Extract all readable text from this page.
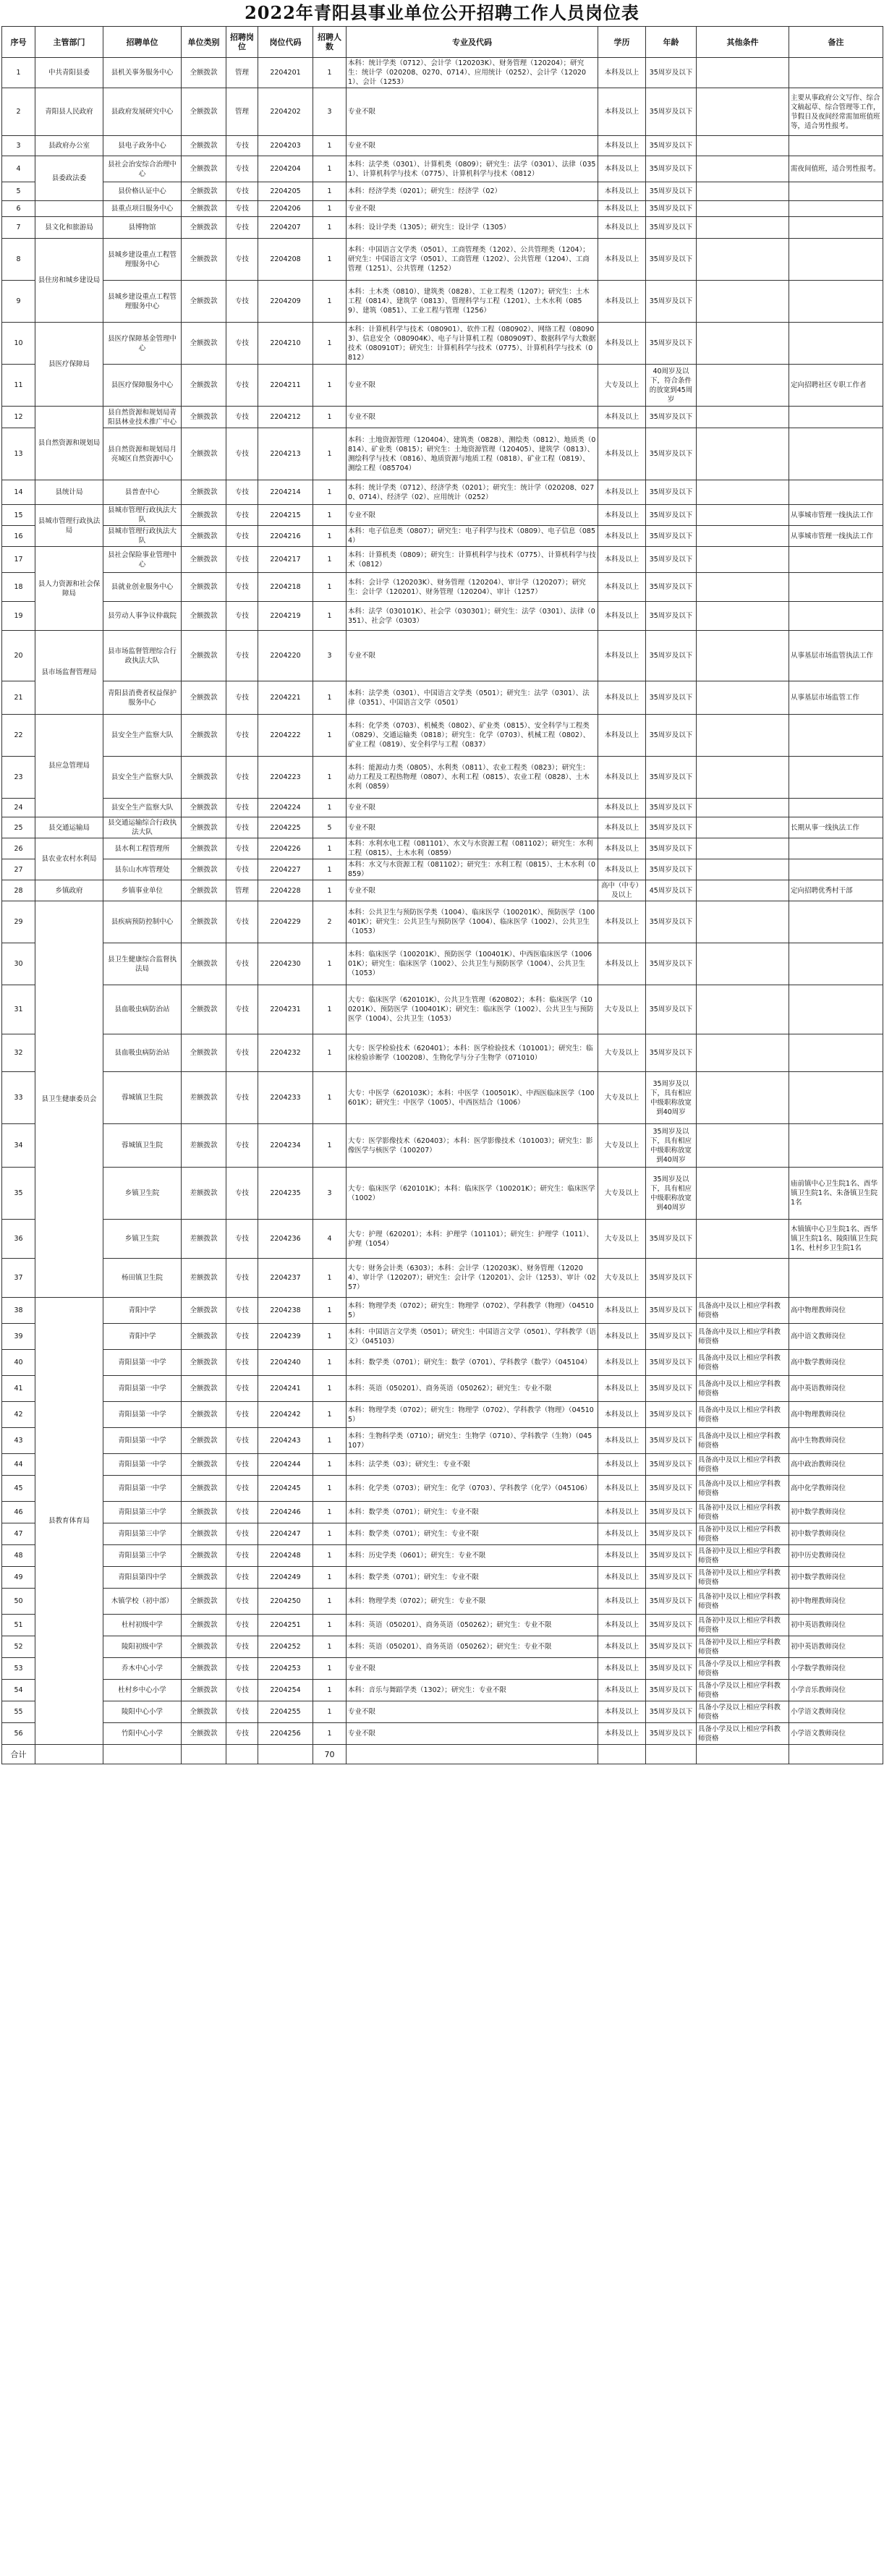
2022年青阳县事业单位公开招聘工作人员岗位表
序号	主管部门	招聘单位	单位类别	招聘岗位	岗位代码	招聘人数	专业及代码	学历	年龄	其他条件	备注
1	中共青阳县委	县机关事务服务中心	全额拨款	管理	2204201	1	本科：统计学类（0712）、会计学（120203K）、财务管理（120204）；研究生：统计学（020208、0270、0714）、应用统计（0252）、会计学（120201）、会计（1253）	本科及以上	35周岁及以下		
2	青阳县人民政府	县政府发展研究中心	全额拨款	管理	2204202	3	专业不限	本科及以上	35周岁及以下		主要从事政府公文写作、综合文稿起草、综合管理等工作，节假日及夜间经常需加班值班等，适合男性报考。
3	县政府办公室	县电子政务中心	全额拨款	专技	2204203	1	专业不限	本科及以上	35周岁及以下		
4	县委政法委	县社会治安综合治理中心	全额拨款	专技	2204204	1	本科：法学类（0301）、计算机类（0809）；研究生：法学（0301）、法律（0351）、计算机科学与技术（0775）、计算机科学与技术（0812）	本科及以上	35周岁及以下		需夜间值班，适合男性报考。
5		县价格认证中心	全额拨款	专技	2204205	1	本科：经济学类（0201）；研究生：经济学（02）	本科及以上	35周岁及以下		
6		县重点项目服务中心	全额拨款	专技	2204206	1	专业不限	本科及以上	35周岁及以下		
7	县文化和旅游局	县博物馆	全额拨款	专技	2204207	1	本科：设计学类（1305）；研究生：设计学（1305）	本科及以上	35周岁及以下		
8	县住房和城乡建设局	县城乡建设重点工程管理服务中心	全额拨款	专技	2204208	1	本科：中国语言文学类（0501）、工商管理类（1202）、公共管理类（1204）；研究生：中国语言文学（0501）、工商管理（1202）、公共管理（1204）、工商管理（1251）、公共管理（1252）	本科及以上	35周岁及以下		
9		县城乡建设重点工程管理服务中心	全额拨款	专技	2204209	1	本科：土木类（0810）、建筑类（0828）、工业工程类（1207）；研究生：土木工程（0814）、建筑学（0813）、管理科学与工程（1201）、土木水利（0859）、建筑（0851）、工业工程与管理（1256）	本科及以上	35周岁及以下		
10	县医疗保障局	县医疗保障基金管理中心	全额拨款	专技	2204210	1	本科：计算机科学与技术（080901）、软件工程（080902）、网络工程（080903）、信息安全（080904K）、电子与计算机工程（080909T）、数据科学与大数据技术（080910T）；研究生：计算机科学与技术（0775）、计算机科学与技术（0812）	本科及以上	35周岁及以下		
11		县医疗保障服务中心	全额拨款	专技	2204211	1	专业不限	大专及以上	40周岁及以下，符合条件的放宽到45周岁		定向招聘社区专职工作者
12	县自然资源和规划局	县自然资源和规划局青阳县林业技术推广中心	全额拨款	专技	2204212	1	专业不限	本科及以上	35周岁及以下		
13		县自然资源和规划局月亮城区自然资源中心	全额拨款	专技	2204213	1	本科：土地资源管理（120404）、建筑类（0828）、测绘类（0812）、地质类（0814）、矿业类（0815）；研究生：土地资源管理（120405）、建筑学（0813）、测绘科学与技术（0816）、地质资源与地质工程（0818）、矿业工程（0819）、测绘工程（085704）	本科及以上	35周岁及以下		
14	县统计局	县普查中心	全额拨款	专技	2204214	1	本科：统计学类（0712）、经济学类（0201）；研究生：统计学（020208、0270、0714）、经济学（02）、应用统计（0252）	本科及以上	35周岁及以下		
15	县城市管理行政执法局	县城市管理行政执法大队	全额拨款	专技	2204215	1	专业不限	本科及以上	35周岁及以下		从事城市管理一线执法工作
16		县城市管理行政执法大队	全额拨款	专技	2204216	1	本科：电子信息类（0807）；研究生：电子科学与技术（0809）、电子信息（0854）	本科及以上	35周岁及以下		从事城市管理一线执法工作
17	县人力资源和社会保障局	县社会保险事业管理中心	全额拨款	专技	2204217	1	本科：计算机类（0809）；研究生：计算机科学与技术（0775）、计算机科学与技术（0812）	本科及以上	35周岁及以下		
18		县就业创业服务中心	全额拨款	专技	2204218	1	本科：会计学（120203K）、财务管理（120204）、审计学（120207）；研究生：会计学（120201）、财务管理（120204）、审计（1257）	本科及以上	35周岁及以下		
19		县劳动人事争议仲裁院	全额拨款	专技	2204219	1	本科：法学（030101K）、社会学（030301）；研究生：法学（0301）、法律（0351）、社会学（0303）	本科及以上	35周岁及以下		
20	县市场监督管理局	县市场监督管理综合行政执法大队	全额拨款	专技	2204220	3	专业不限	本科及以上	35周岁及以下		从事基层市场监管执法工作
21		青阳县消费者权益保护服务中心	全额拨款	专技	2204221	1	本科：法学类（0301）、中国语言文学类（0501）；研究生：法学（0301）、法律（0351）、中国语言文学（0501）	本科及以上	35周岁及以下		从事基层市场监管工作
22	县应急管理局	县安全生产监察大队	全额拨款	专技	2204222	1	本科：化学类（0703）、机械类（0802）、矿业类（0815）、安全科学与工程类（0829）、交通运输类（0818）；研究生：化学（0703）、机械工程（0802）、矿业工程（0819）、安全科学与工程（0837）	本科及以上	35周岁及以下		
23		县安全生产监察大队	全额拨款	专技	2204223	1	本科：能源动力类（0805）、水利类（0811）、农业工程类（0823）；研究生：动力工程及工程热物理（0807）、水利工程（0815）、农业工程（0828）、土木水利（0859）	本科及以上	35周岁及以下		
24		县安全生产监察大队	全额拨款	专技	2204224	1	专业不限	本科及以上	35周岁及以下		
25	县交通运输局	县交通运输综合行政执法大队	全额拨款	专技	2204225	5	专业不限	本科及以上	35周岁及以下		长期从事一线执法工作
26	县农业农村水利局	县水利工程管理所	全额拨款	专技	2204226	1	本科：水利水电工程（081101）、水文与水资源工程（081102）；研究生：水利工程（0815）、土木水利（0859）	本科及以上	35周岁及以下		
27		县东山水库管理处	全额拨款	专技	2204227	1	本科：水文与水资源工程（081102）；研究生：水利工程（0815）、土木水利（0859）	本科及以上	35周岁及以下		
28	乡镇政府	乡镇事业单位	全额拨款	管理	2204228	1	专业不限	高中（中专）及以上	45周岁及以下		定向招聘优秀村干部
29	县卫生健康委员会	县疾病预防控制中心	全额拨款	专技	2204229	2	本科：公共卫生与预防医学类（1004）、临床医学（100201K）、预防医学（100401K）；研究生：公共卫生与预防医学（1004）、临床医学（1002）、公共卫生（1053）	本科及以上	35周岁及以下		
30		县卫生健康综合监督执法局	全额拨款	专技	2204230	1	本科：临床医学（100201K）、预防医学（100401K）、中西医临床医学（100601K）；研究生：临床医学（1002）、公共卫生与预防医学（1004）、公共卫生（1053）	本科及以上	35周岁及以下		
31		县血吸虫病防治站	全额拨款	专技	2204231	1	大专：临床医学（620101K）、公共卫生管理（620802）；本科：临床医学（100201K）、预防医学（100401K）；研究生：临床医学（1002）、公共卫生与预防医学（1004）、公共卫生（1053）	大专及以上	35周岁及以下		
32		县血吸虫病防治站	全额拨款	专技	2204232	1	大专：医学检验技术（620401）；本科：医学检验技术（101001）；研究生：临床检验诊断学（100208）、生物化学与分子生物学（071010）	大专及以上	35周岁及以下		
33		蓉城镇卫生院	差额拨款	专技	2204233	1	大专：中医学（620103K）；本科：中医学（100501K）、中西医临床医学（100601K）；研究生：中医学（1005）、中西医结合（1006）	大专及以上	35周岁及以下，具有相应中级职称放宽到40周岁		
34		蓉城镇卫生院	差额拨款	专技	2204234	1	大专：医学影像技术（620403）；本科：医学影像技术（101003）；研究生：影像医学与核医学（100207）	大专及以上	35周岁及以下，具有相应中级职称放宽到40周岁		
35		乡镇卫生院	差额拨款	专技	2204235	3	大专：临床医学（620101K）；本科：临床医学（100201K）；研究生：临床医学（1002）	大专及以上	35周岁及以下，具有相应中级职称放宽到40周岁		庙前镇中心卫生院1名、酉华镇卫生院1名、朱备镇卫生院1名
36		乡镇卫生院	差额拨款	专技	2204236	4	大专：护理（620201）；本科：护理学（101101）；研究生：护理学（1011）、护理（1054）	大专及以上	35周岁及以下		木镇镇中心卫生院1名、酉华镇卫生院1名、陵阳镇卫生院1名、杜村乡卫生院1名
37		杨田镇卫生院	差额拨款	专技	2204237	1	大专：财务会计类（6303）；本科：会计学（120203K）、财务管理（120204）、审计学（120207）；研究生：会计学（120201）、会计（1253）、审计（0257）	大专及以上	35周岁及以下		
38	县教育体育局	青阳中学	全额拨款	专技	2204238	1	本科：物理学类（0702）；研究生：物理学（0702）、学科教学（物理）（045105）	本科及以上	35周岁及以下	具备高中及以上相应学科教师资格	高中物理教师岗位
39		青阳中学	全额拨款	专技	2204239	1	本科：中国语言文学类（0501）；研究生：中国语言文学（0501）、学科教学（语文）（045103）	本科及以上	35周岁及以下	具备高中及以上相应学科教师资格	高中语文教师岗位
40		青阳县第一中学	全额拨款	专技	2204240	1	本科：数学类（0701）；研究生：数学（0701）、学科教学（数学）（045104）	本科及以上	35周岁及以下	具备高中及以上相应学科教师资格	高中数学教师岗位
41		青阳县第一中学	全额拨款	专技	2204241	1	本科：英语（050201）、商务英语（050262）；研究生：专业不限	本科及以上	35周岁及以下	具备高中及以上相应学科教师资格	高中英语教师岗位
42		青阳县第一中学	全额拨款	专技	2204242	1	本科：物理学类（0702）；研究生：物理学（0702）、学科教学（物理）（045105）	本科及以上	35周岁及以下	具备高中及以上相应学科教师资格	高中物理教师岗位
43		青阳县第一中学	全额拨款	专技	2204243	1	本科：生物科学类（0710）；研究生：生物学（0710）、学科教学（生物）（045107）	本科及以上	35周岁及以下	具备高中及以上相应学科教师资格	高中生物教师岗位
44		青阳县第一中学	全额拨款	专技	2204244	1	本科：法学类（03）；研究生：专业不限	本科及以上	35周岁及以下	具备高中及以上相应学科教师资格	高中政治教师岗位
45		青阳县第一中学	全额拨款	专技	2204245	1	本科：化学类（0703）；研究生：化学（0703）、学科教学（化学）（045106）	本科及以上	35周岁及以下	具备高中及以上相应学科教师资格	高中化学教师岗位
46		青阳县第三中学	全额拨款	专技	2204246	1	本科：数学类（0701）；研究生：专业不限	本科及以上	35周岁及以下	具备初中及以上相应学科教师资格	初中数学教师岗位
47		青阳县第三中学	全额拨款	专技	2204247	1	本科：数学类（0701）；研究生：专业不限	本科及以上	35周岁及以下	具备初中及以上相应学科教师资格	初中数学教师岗位
48		青阳县第三中学	全额拨款	专技	2204248	1	本科：历史学类（0601）；研究生：专业不限	本科及以上	35周岁及以下	具备初中及以上相应学科教师资格	初中历史教师岗位
49		青阳县第四中学	全额拨款	专技	2204249	1	本科：数学类（0701）；研究生：专业不限	本科及以上	35周岁及以下	具备初中及以上相应学科教师资格	初中数学教师岗位
50		木镇学校（初中部）	全额拨款	专技	2204250	1	本科：物理学类（0702）；研究生：专业不限	本科及以上	35周岁及以下	具备初中及以上相应学科教师资格	初中物理教师岗位
51		杜村初级中学	全额拨款	专技	2204251	1	本科：英语（050201）、商务英语（050262）；研究生：专业不限	本科及以上	35周岁及以下	具备初中及以上相应学科教师资格	初中英语教师岗位
52		陵阳初级中学	全额拨款	专技	2204252	1	本科：英语（050201）、商务英语（050262）；研究生：专业不限	本科及以上	35周岁及以下	具备初中及以上相应学科教师资格	初中英语教师岗位
53		乔木中心小学	全额拨款	专技	2204253	1	专业不限	本科及以上	35周岁及以下	具备小学及以上相应学科教师资格	小学数学教师岗位
54		杜村乡中心小学	全额拨款	专技	2204254	1	本科：音乐与舞蹈学类（1302）；研究生：专业不限	本科及以上	35周岁及以下	具备小学及以上相应学科教师资格	小学音乐教师岗位
55		陵阳中心小学	全额拨款	专技	2204255	1	专业不限	本科及以上	35周岁及以下	具备小学及以上相应学科教师资格	小学语文教师岗位
56		竹阳中心小学	全额拨款	专技	2204256	1	专业不限	本科及以上	35周岁及以下	具备小学及以上相应学科教师资格	小学语文教师岗位
合计						70					
